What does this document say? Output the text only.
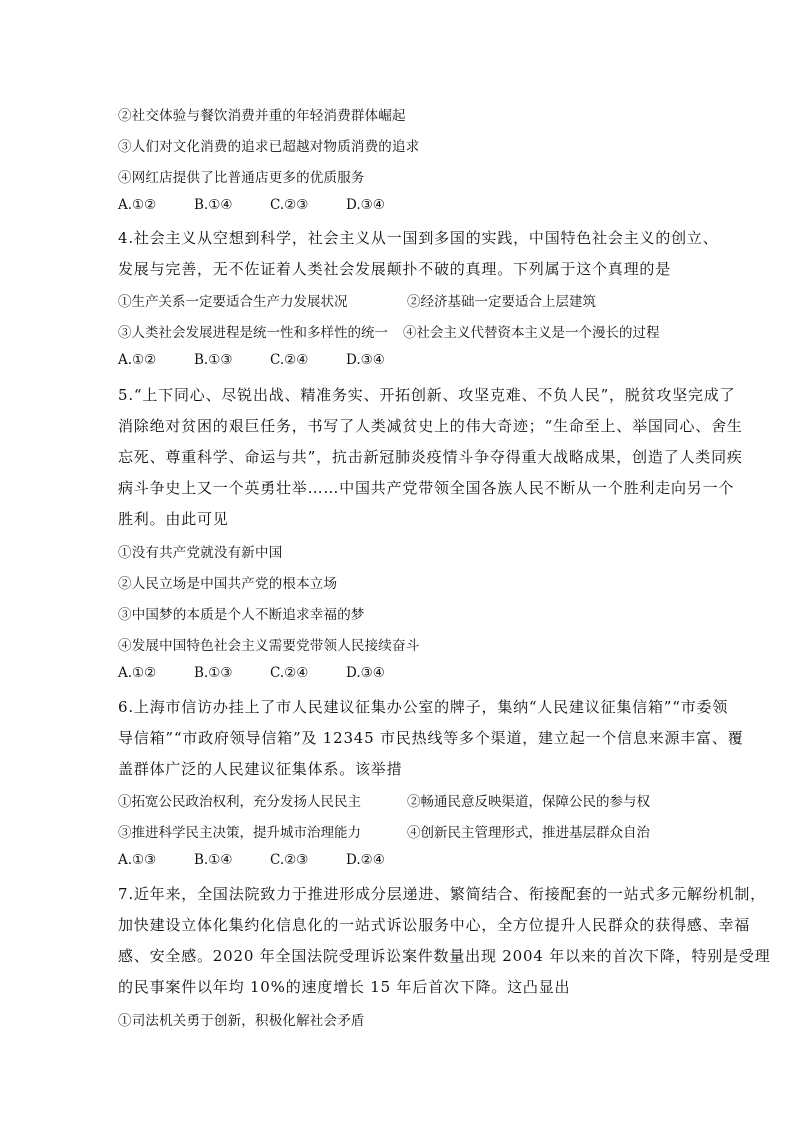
②社交体验与餐饮消费并重的年轻消费群体崛起
③人们对文化消费的追求已超越对物质消费的追求
④网红店提供了比普通店更多的优质服务
A.①②	B.①④	C.②③	D.③④
4.社会主义从空想到科学，社会主义从一国到多国的实践，中国特色社会主义的创立、
发展与完善，无不佐证着人类社会发展颠扑不破的真理。下列属于这个真理的是
①生产关系一定要适合生产力发展状况	②经济基础一定要适合上层建筑
③人类社会发展进程是统一性和多样性的统一 ④社会主义代替资本主义是一个漫长的过程
A.①②	B.①③	C.②④	D.③④
5.“上下同心、尽锐出战、精准务实、开拓创新、攻坚克难、不负人民”，脱贫攻坚完成了
消除绝对贫困的艰巨任务，书写了人类减贫史上的伟大奇迹；“生命至上、举国同心、舍生
忘死、尊重科学、命运与共”，抗击新冠肺炎疫情斗争夺得重大战略成果，创造了人类同疾
病斗争史上又一个英勇壮举……中国共产党带领全国各族人民不断从一个胜利走向另一个
胜利。由此可见
①没有共产党就没有新中国
②人民立场是中国共产党的根本立场
③中国梦的本质是个人不断追求幸福的梦
④发展中国特色社会主义需要党带领人民接续奋斗
A.①②	B.①③	C.②④	D.③④
6.上海市信访办挂上了市人民建议征集办公室的牌子，集纳“人民建议征集信箱”“市委领
导信箱”“市政府领导信箱”及 12345 市民热线等多个渠道，建立起一个信息来源丰富、覆
盖群体广泛的人民建议征集体系。该举措
①拓宽公民政治权利，充分发扬人民民主	②畅通民意反映渠道，保障公民的参与权
③推进科学民主决策，提升城市治理能力	④创新民主管理形式，推进基层群众自治
A.①③	B.①④	C.②③	D.②④
7.近年来，全国法院致力于推进形成分层递进、繁简结合、衔接配套的一站式多元解纷机制，
加快建设立体化集约化信息化的一站式诉讼服务中心，全方位提升人民群众的获得感、幸福
感、安全感。2020 年全国法院受理诉讼案件数量出现 2004 年以来的首次下降，特别是受理
的民事案件以年均 10%的速度增长 15 年后首次下降。这凸显出
①司法机关勇于创新，积极化解社会矛盾
